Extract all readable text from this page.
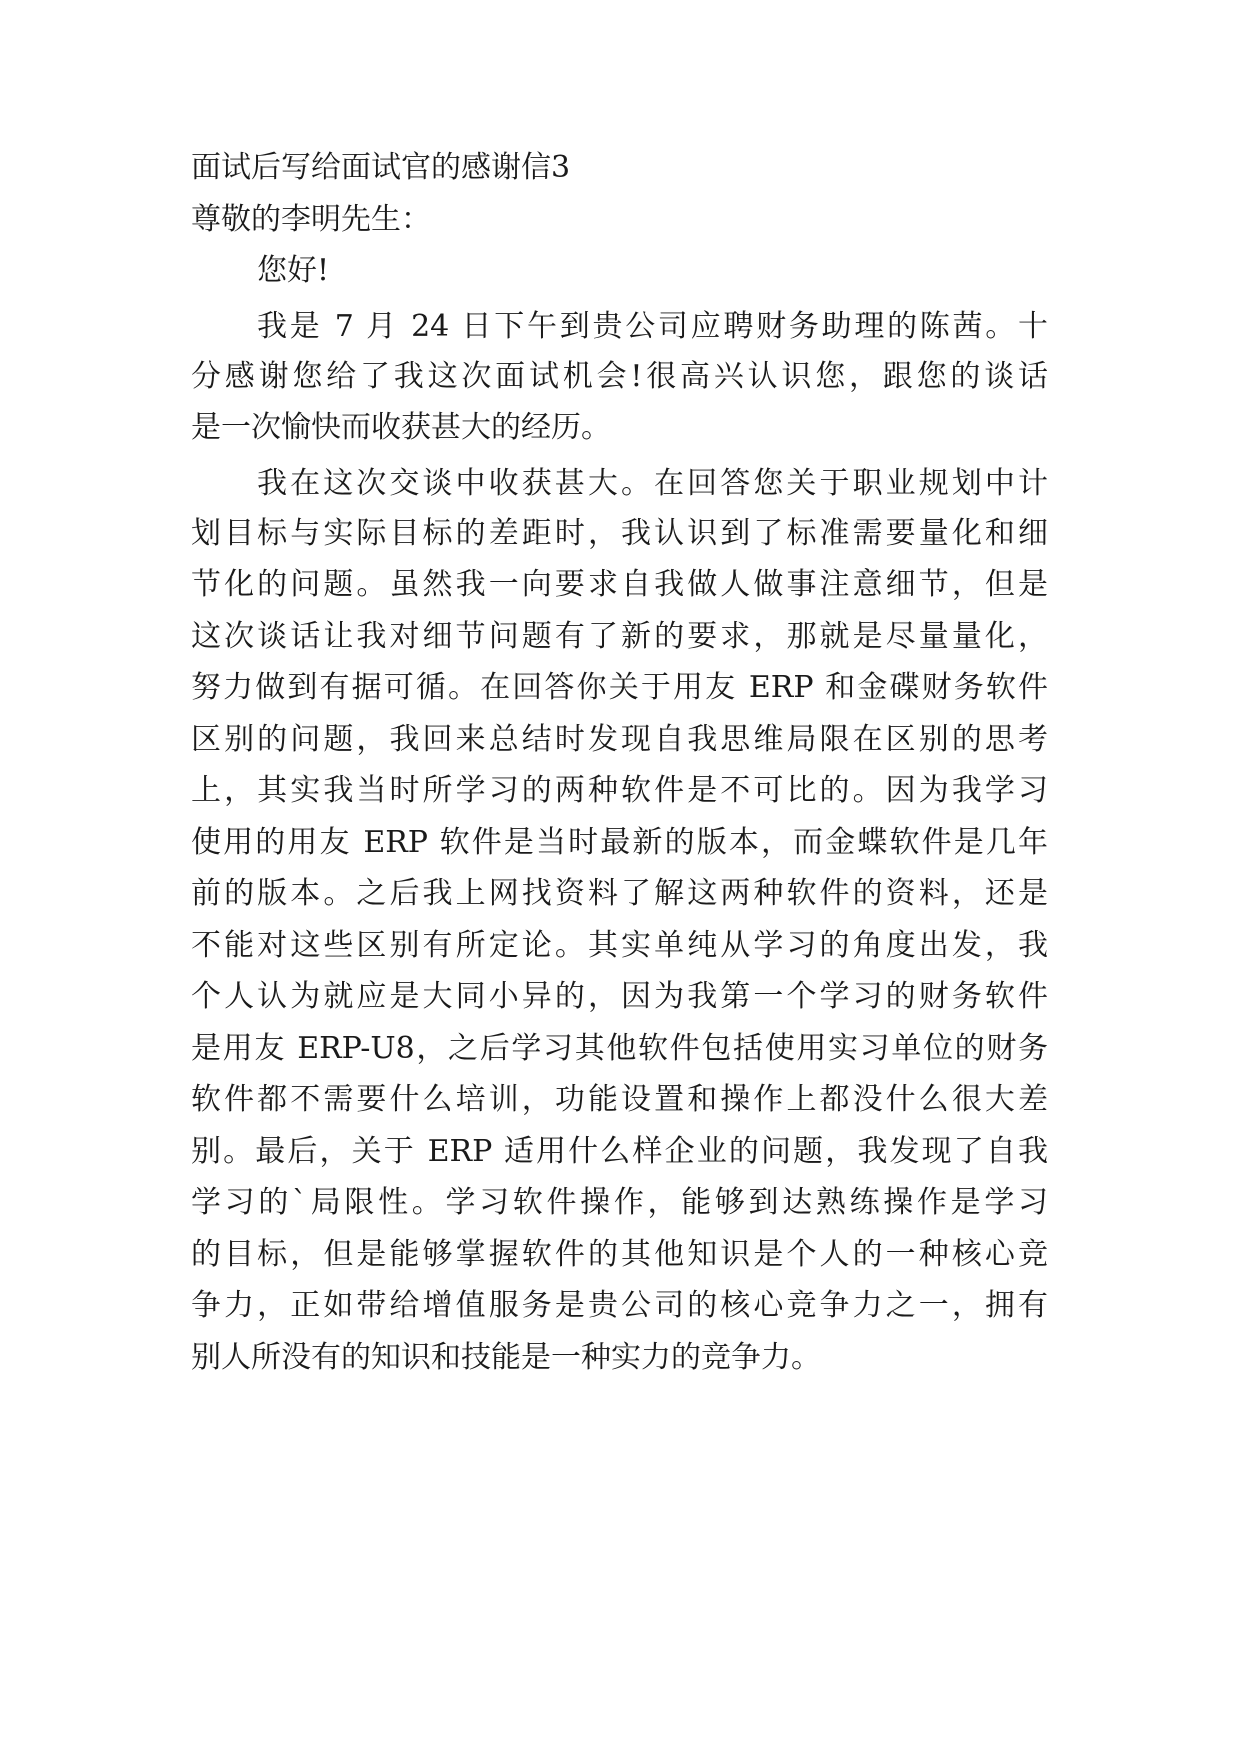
面试后写给面试官的感谢信3
尊敬的李明先生：
您好!
我是 7 月 24 日下午到贵公司应聘财务助理的陈茜。十
分感谢您给了我这次面试机会!很高兴认识您，跟您的谈话
是一次愉快而收获甚大的经历。
我在这次交谈中收获甚大。在回答您关于职业规划中计
划目标与实际目标的差距时，我认识到了标准需要量化和细
节化的问题。虽然我一向要求自我做人做事注意细节，但是
这次谈话让我对细节问题有了新的要求，那就是尽量量化，
努力做到有据可循。在回答你关于用友 ERP 和金碟财务软件
区别的问题，我回来总结时发现自我思维局限在区别的思考
上，其实我当时所学习的两种软件是不可比的。因为我学习
使用的用友 ERP 软件是当时最新的版本，而金蝶软件是几年
前的版本。之后我上网找资料了解这两种软件的资料，还是
不能对这些区别有所定论。其实单纯从学习的角度出发，我
个人认为就应是大同小异的，因为我第一个学习的财务软件
是用友 ERP-U8，之后学习其他软件包括使用实习单位的财务
软件都不需要什么培训，功能设置和操作上都没什么很大差
别。最后，关于 ERP 适用什么样企业的问题，我发现了自我
学习的`局限性。学习软件操作，能够到达熟练操作是学习
的目标，但是能够掌握软件的其他知识是个人的一种核心竞
争力，正如带给增值服务是贵公司的核心竞争力之一，拥有
别人所没有的知识和技能是一种实力的竞争力。
